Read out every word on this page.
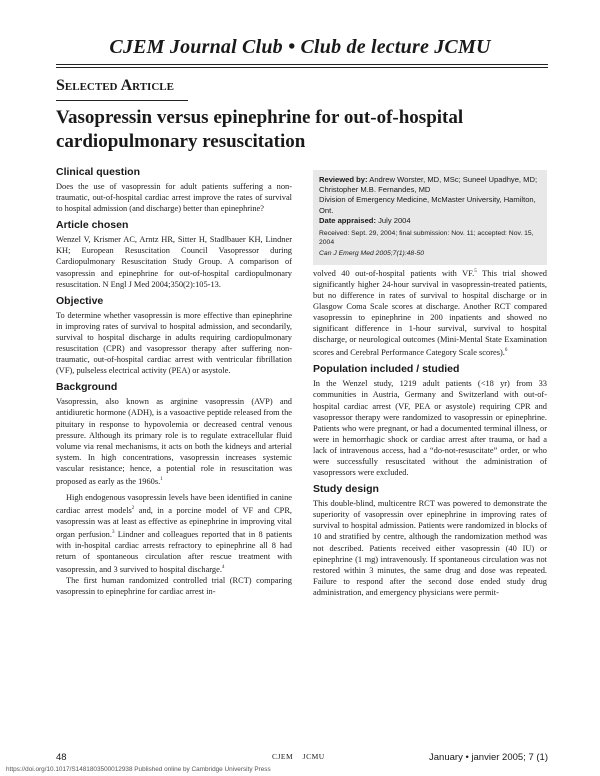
CJEM Journal Club • Club de lecture JCMU
Selected Article
Vasopressin versus epinephrine for out-of-hospital cardiopulmonary resuscitation
Clinical question

Does the use of vasopressin for adult patients suffering a non-traumatic, out-of-hospital cardiac arrest improve the rates of survival to hospital admission (and discharge) better than epinephrine?

Article chosen

Wenzel V, Krismer AC, Arntz HR, Sitter H, Stadlbauer KH, Lindner KH; European Resuscitation Council Vasopressor during Cardiopulmonary Resuscitation Study Group. A comparison of vasopressin and epinephrine for out-of-hospital cardiopulmonary resuscitation. N Engl J Med 2004;350(2):105-13.

Objective

To determine whether vasopressin is more effective than epinephrine in improving rates of survival to hospital admission, and secondarily, survival to hospital discharge in adults requiring cardiopulmonary resuscitation (CPR) and vasopressor therapy after suffering non-traumatic, out-of-hospital cardiac arrest with ventricular fibrillation (VF), pulseless electrical activity (PEA) or asystole.

Background

Vasopressin, also known as arginine vasopressin (AVP) and antidiuretic hormone (ADH), is a vasoactive peptide released from the pituitary in response to hypovolemia or decreased central venous pressure. Although its primary role is to regulate extracellular fluid volume via renal mechanisms, it acts on both the kidneys and arterial system. In high concentrations, vasopressin increases systemic vascular resistance; hence, a potential role in resuscitation was proposed as early as the 1960s.$^1$

High endogenous vasopressin levels have been identified in canine cardiac arrest models$^2$ and, in a porcine model of VF and CPR, vasopressin was at least as effective as epinephrine in improving vital organ perfusion.$^3$ Lindner and colleagues reported that in 8 patients with in-hospital cardiac arrests refractory to epinephrine all 8 had return of spontaneous circulation after rescue treatment with vasopressin, and 3 survived to hospital discharge.$^4$

The first human randomized controlled trial (RCT) comparing vasopressin to epinephrine for cardiac arrest in-

Reviewed by: Andrew Worster, MD, MSc; Suneel Upadhye, MD; Christopher M.B. Fernandes, MD
Division of Emergency Medicine, McMaster University, Hamilton, Ont.
Date appraised: July 2004
Received: Sept. 29, 2004; final submission: Nov. 11; accepted: Nov. 15, 2004
Can J Emerg Med 2005;7(1):48-50

volved 40 out-of-hospital patients with VF.$^5$ This trial showed significantly higher 24-hour survival in vasopressin-treated patients, but no difference in rates of survival to hospital discharge or in Glasgow Coma Scale scores at discharge. Another RCT compared vasopressin to epinephrine in 200 inpatients and showed no significant difference in 1-hour survival, survival to hospital discharge, or neurological outcomes (Mini-Mental State Examination scores and Cerebral Performance Category Scale scores).$^6$

Population included / studied

In the Wenzel study, 1219 adult patients (<18 yr) from 33 communities in Austria, Germany and Switzerland with out-of-hospital cardiac arrest (VF, PEA or asystole) requiring CPR and vasopressor therapy were randomized to vasopressin or epinephrine. Patients who were pregnant, or had a documented terminal illness, or were in hemorrhagic shock or cardiac arrest after trauma, or had a lack of intravenous access, had a “do-not-resuscitate” order, or who were successfully resuscitated without the administration of vasopressors were excluded.

Study design

This double-blind, multicentre RCT was powered to demonstrate the superiority of vasopressin over epinephrine in improving rates of survival to hospital admission. Patients were randomized in blocks of 10 and stratified by centre, although the randomization method was not described. Patients received either vasopressin (40 IU) or epinephrine (1 mg) intravenously. If spontaneous circulation was not restored within 3 minutes, the same drug and dose was repeated. Failure to respond after the second dose ended study drug administration, and emergency physicians were permit-

48	CJEM    JCMU	January • janvier 2005; 7 (1)
https://doi.org/10.1017/S1481803500012938 Published online by Cambridge University Press
